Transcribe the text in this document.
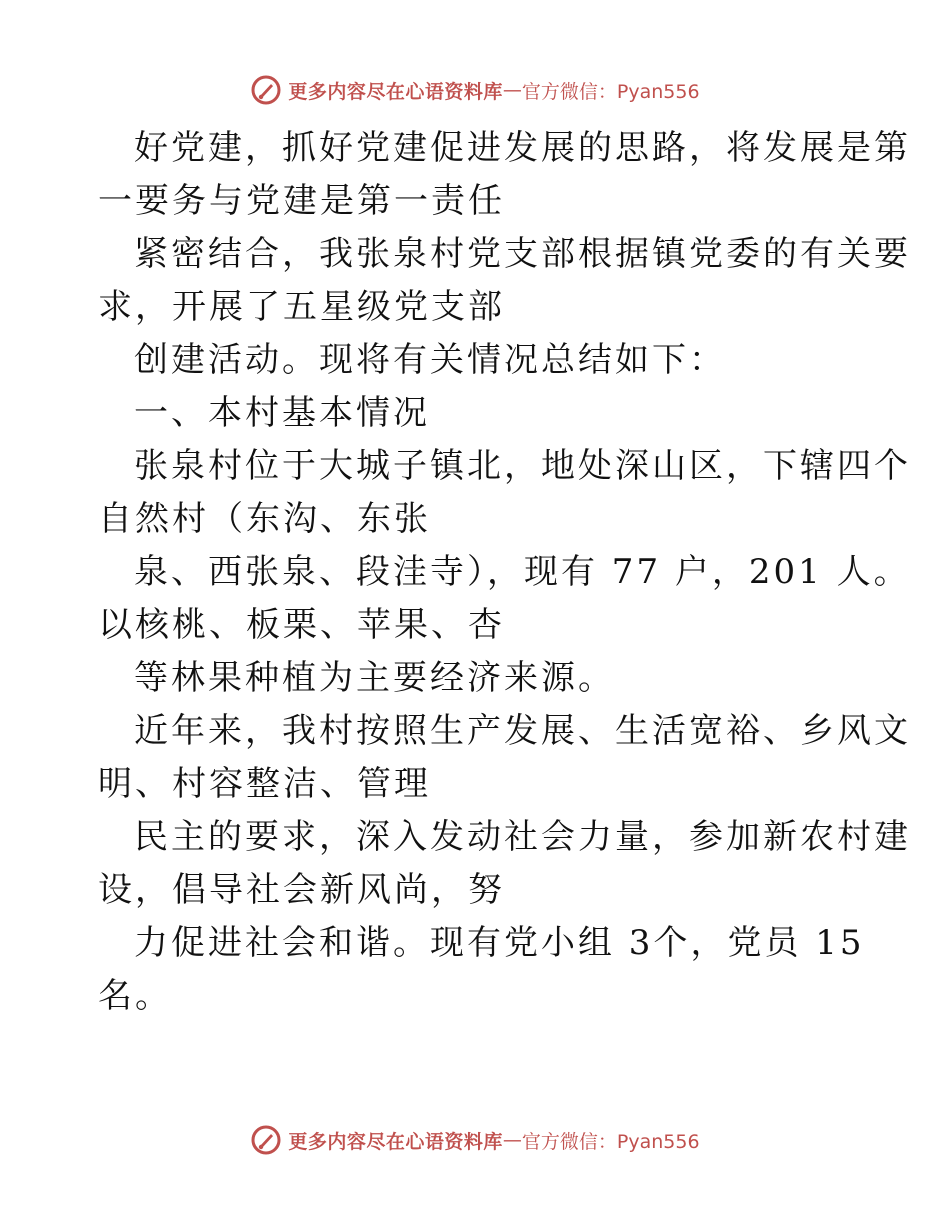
更多内容尽在心语资料库 — 官方微信：Pyan556
好党建，抓好党建促进发展的思路，将发展是第
一要务与党建是第一责任
紧密结合，我张泉村党支部根据镇党委的有关要
求，开展了五星级党支部
创建活动。现将有关情况总结如下：
一、本村基本情况
张泉村位于大城子镇北，地处深山区，下辖四个
自然村（东沟、东张
泉、西张泉、段洼寺），现有 77 户，201 人。
以核桃、板栗、苹果、杏
等林果种植为主要经济来源。
近年来，我村按照生产发展、生活宽裕、乡风文
明、村容整洁、管理
民主的要求，深入发动社会力量，参加新农村建
设，倡导社会新风尚，努
力促进社会和谐。现有党小组 3个，党员 15
名。
更多内容尽在心语资料库 — 官方微信：Pyan556
